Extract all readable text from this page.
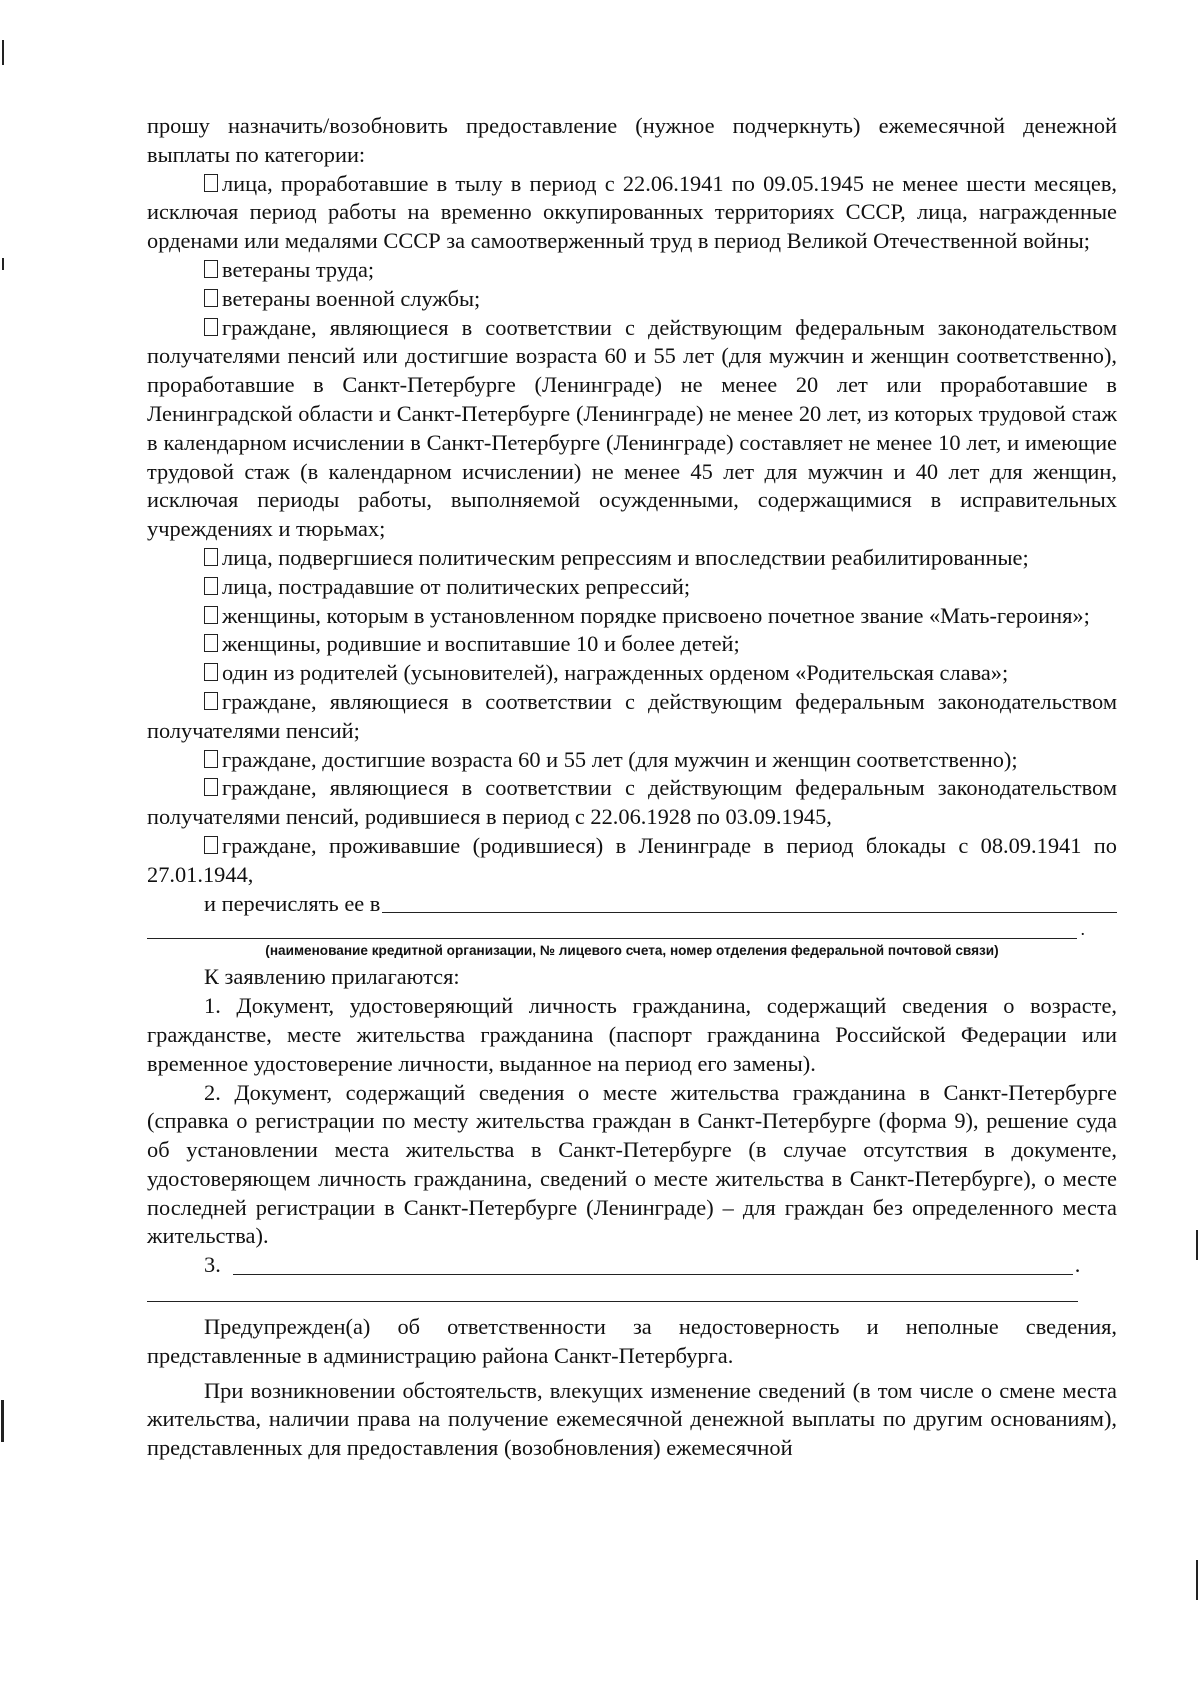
прошу назначить/возобновить предоставление (нужное подчеркнуть) ежемесячной денежной выплаты по категории:

лица, проработавшие в тылу в период с 22.06.1941 по 09.05.1945 не менее шести месяцев, исключая период работы на временно оккупированных территориях СССР, лица, награжденные орденами или медалями СССР за самоотверженный труд в период Великой Отечественной войны;

ветераны труда;

ветераны военной службы;

граждане, являющиеся в соответствии с действующим федеральным законодательством получателями пенсий или достигшие возраста 60 и 55 лет (для мужчин и женщин соответственно), проработавшие в Санкт-Петербурге (Ленинграде) не менее 20 лет или проработавшие в Ленинградской области и Санкт-Петербурге (Ленинграде) не менее 20 лет, из которых трудовой стаж в календарном исчислении в Санкт-Петербурге (Ленинграде) составляет не менее 10 лет, и имеющие трудовой стаж (в календарном исчислении) не менее 45 лет для мужчин и 40 лет для женщин, исключая периоды работы, выполняемой осужденными, содержащимися в исправительных учреждениях и тюрьмах;

лица, подвергшиеся политическим репрессиям и впоследствии реабилитированные;

лица, пострадавшие от политических репрессий;

женщины, которым в установленном порядке присвоено почетное звание «Мать-героиня»;

женщины, родившие и воспитавшие 10 и более детей;

один из родителей (усыновителей), награжденных орденом «Родительская слава»;

граждане, являющиеся в соответствии с действующим федеральным законодательством получателями пенсий;

граждане, достигшие возраста 60 и 55 лет (для мужчин и женщин соответственно);

граждане, являющиеся в соответствии с действующим федеральным законодательством получателями пенсий, родившиеся в период с 22.06.1928 по 03.09.1945,

граждане, проживавшие (родившиеся) в Ленинграде в период блокады с 08.09.1941 по 27.01.1944,

и перечислять ее в
.
(наименование кредитной организации, № лицевого счета, номер отделения федеральной почтовой связи)

К заявлению прилагаются:

1. Документ, удостоверяющий личность гражданина, содержащий сведения о возрасте, гражданстве, месте жительства гражданина (паспорт гражданина Российской Федерации или временное удостоверение личности, выданное на период его замены).

2. Документ, содержащий сведения о месте жительства гражданина в Санкт-Петербурге (справка о регистрации по месту жительства граждан в Санкт-Петербурге (форма 9), решение суда об установлении места жительства в Санкт-Петербурге (в случае отсутствия в документе, удостоверяющем личность гражданина, сведений о месте жительства в Санкт-Петербурге), о месте последней регистрации в Санкт-Петербурге (Ленинграде) – для граждан без определенного места жительства).

3.	.

Предупрежден(а) об ответственности за недостоверность и неполные сведения, представленные в администрацию района Санкт-Петербурга.

При возникновении обстоятельств, влекущих изменение сведений (в том числе о смене места жительства, наличии права на получение ежемесячной денежной выплаты по другим основаниям), представленных для предоставления (возобновления) ежемесячной
